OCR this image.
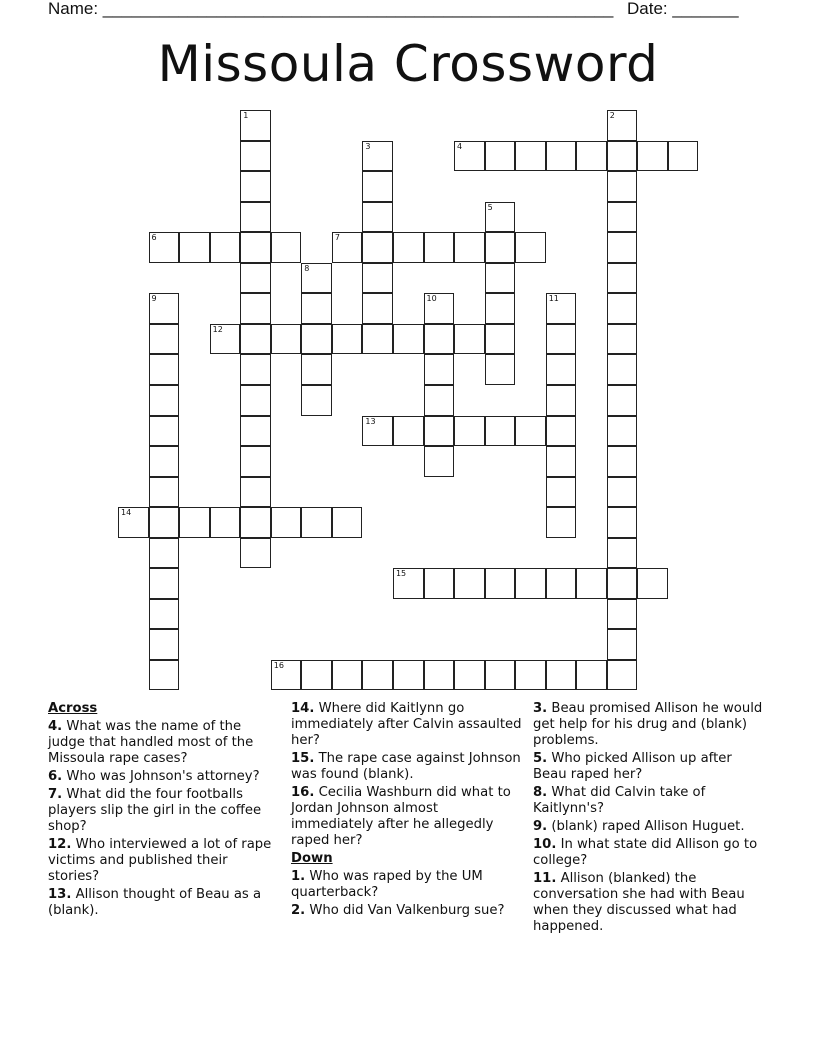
Name: ______________________________________________________ Date: _______
Missoula Crossword
1	2
3	4
5
6	7
8
9	10	11
12
13
14
15
16
Across
4. What was the name of the judge that handled most of the Missoula rape cases?
6. Who was Johnson's attorney?
7. What did the four footballs players slip the girl in the coffee shop?
12. Who interviewed a lot of rape victims and published their stories?
13. Allison thought of Beau as a (blank).
14. Where did Kaitlynn go immediately after Calvin assaulted her?
15. The rape case against Johnson was found (blank).
16. Cecilia Washburn did what to Jordan Johnson almost immediately after he allegedly raped her?
Down
1. Who was raped by the UM quarterback?
2. Who did Van Valkenburg sue?
3. Beau promised Allison he would get help for his drug and (blank) problems.
5. Who picked Allison up after Beau raped her?
8. What did Calvin take of Kaitlynn's?
9. (blank) raped Allison Huguet.
10. In what state did Allison go to college?
11. Allison (blanked) the conversation she had with Beau when they discussed what had happened.
